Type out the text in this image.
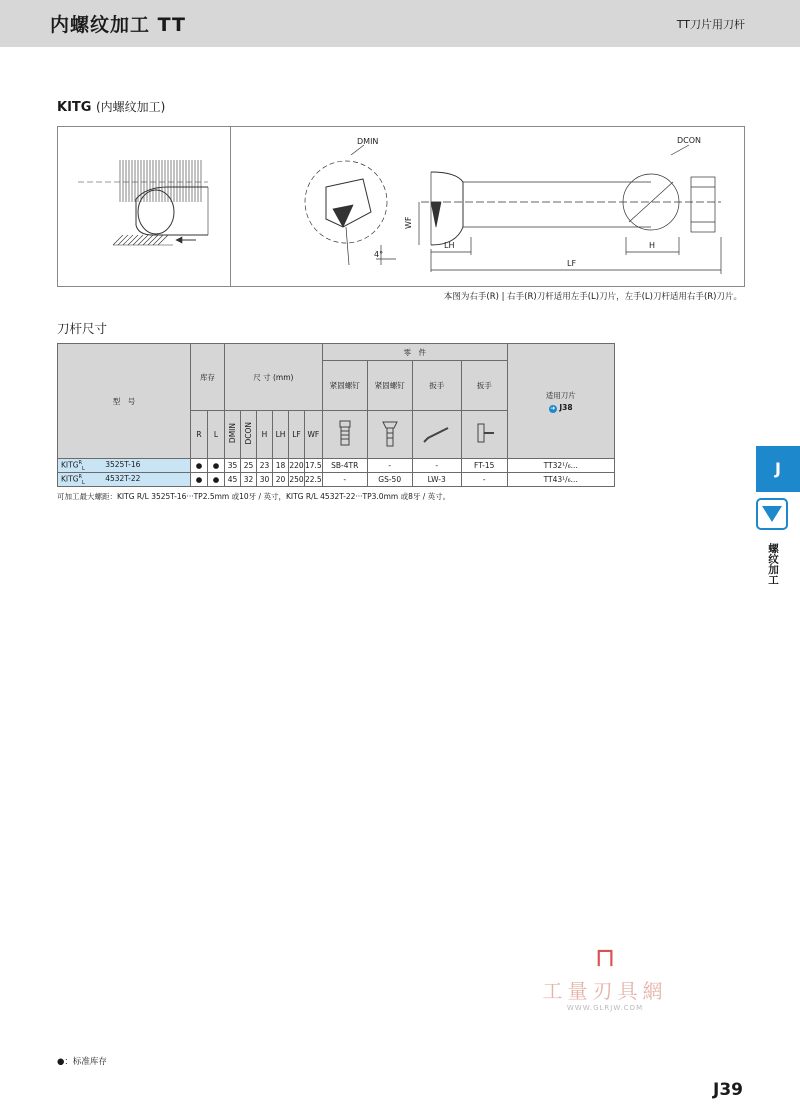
内螺纹加工 TT	TT刀片用刀杆
KITG (内螺纹加工)
DMIN	DCON
WF
LH	H
LF
4°
本图为右手(R) | 右手(R)刀杆适用左手(L)刀片，左手(L)刀杆适用右手(R)刀片。
刀杆尺寸
型　号	库存		尺 寸 (mm)						零　件				适用刀片
➜ J38

									紧固螺钉	紧固螺钉	扳手	扳手	
	R	L	DMIN	DCON	H	LH	LF	WF				
$KITG^R_L$ 3525T-16	●	●	35	25	23	18	220	17.5	SB-4TR	-	-	FT-15	TT32¹/₆...
$KITG^R_L$ 4532T-22	●	●	45	32	30	20	250	22.5	-	GS-50	LW-3	-	TT43¹/₆...
可加工最大螺距：KITG R/L 3525T-16···TP2.5mm 或10牙 / 英寸，KITG R/L 4532T-22···TP3.0mm 或8牙 / 英寸。
J
螺纹加工
⊓
工量刃具網
WWW.GLRJW.COM
●：标准库存
J39
